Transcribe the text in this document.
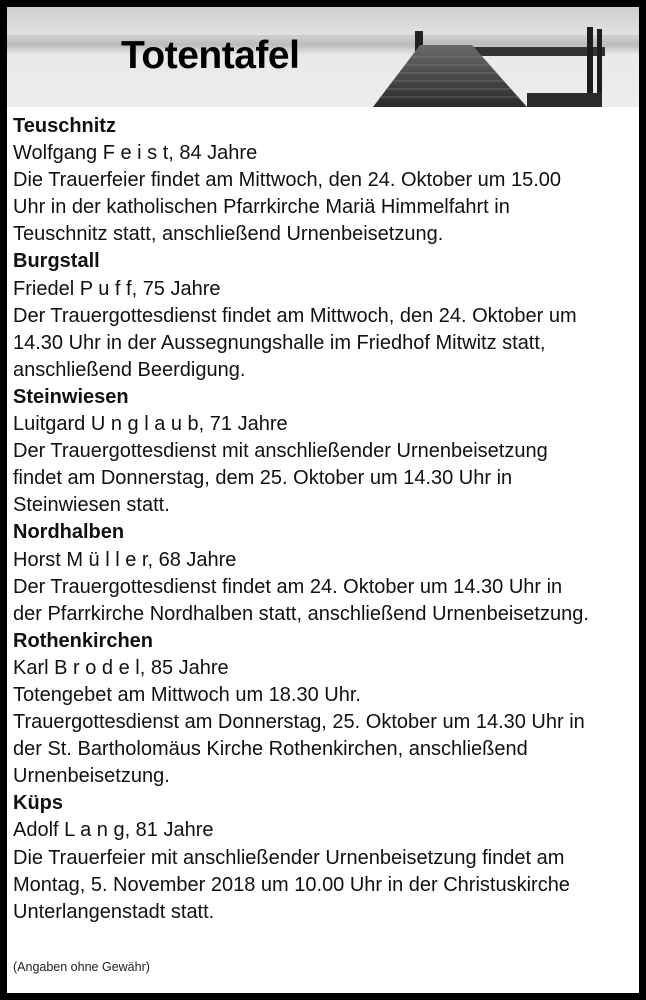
Totentafel
Teuschnitz
Wolfgang F e i s t, 84 Jahre
Die Trauerfeier findet am Mittwoch, den 24. Oktober um 15.00
Uhr in der katholischen Pfarrkirche Mariä Himmelfahrt in
Teuschnitz statt, anschließend Urnenbeisetzung.
Burgstall
Friedel P u f f, 75 Jahre
Der Trauergottesdienst findet am Mittwoch, den 24. Oktober um
14.30 Uhr in der Aussegnungshalle im Friedhof Mitwitz statt,
anschließend Beerdigung.
Steinwiesen
Luitgard U n g l a u b, 71 Jahre
Der Trauergottesdienst mit anschließender Urnenbeisetzung
findet am Donnerstag, dem 25. Oktober um 14.30 Uhr in
Steinwiesen statt.
Nordhalben
Horst M ü l l e r, 68 Jahre
Der Trauergottesdienst findet am 24. Oktober um 14.30 Uhr in
der Pfarrkirche Nordhalben statt, anschließend Urnenbeisetzung.
Rothenkirchen
Karl B r o d e l, 85 Jahre
Totengebet am Mittwoch um 18.30 Uhr.
Trauergottesdienst am Donnerstag, 25. Oktober um 14.30 Uhr in
der St. Bartholomäus Kirche Rothenkirchen, anschließend
Urnenbeisetzung.
Küps
Adolf L a n g, 81 Jahre
Die Trauerfeier mit anschließender Urnenbeisetzung findet am
Montag, 5. November 2018 um 10.00 Uhr in der Christuskirche
Unterlangenstadt statt.
(Angaben ohne Gewähr)
